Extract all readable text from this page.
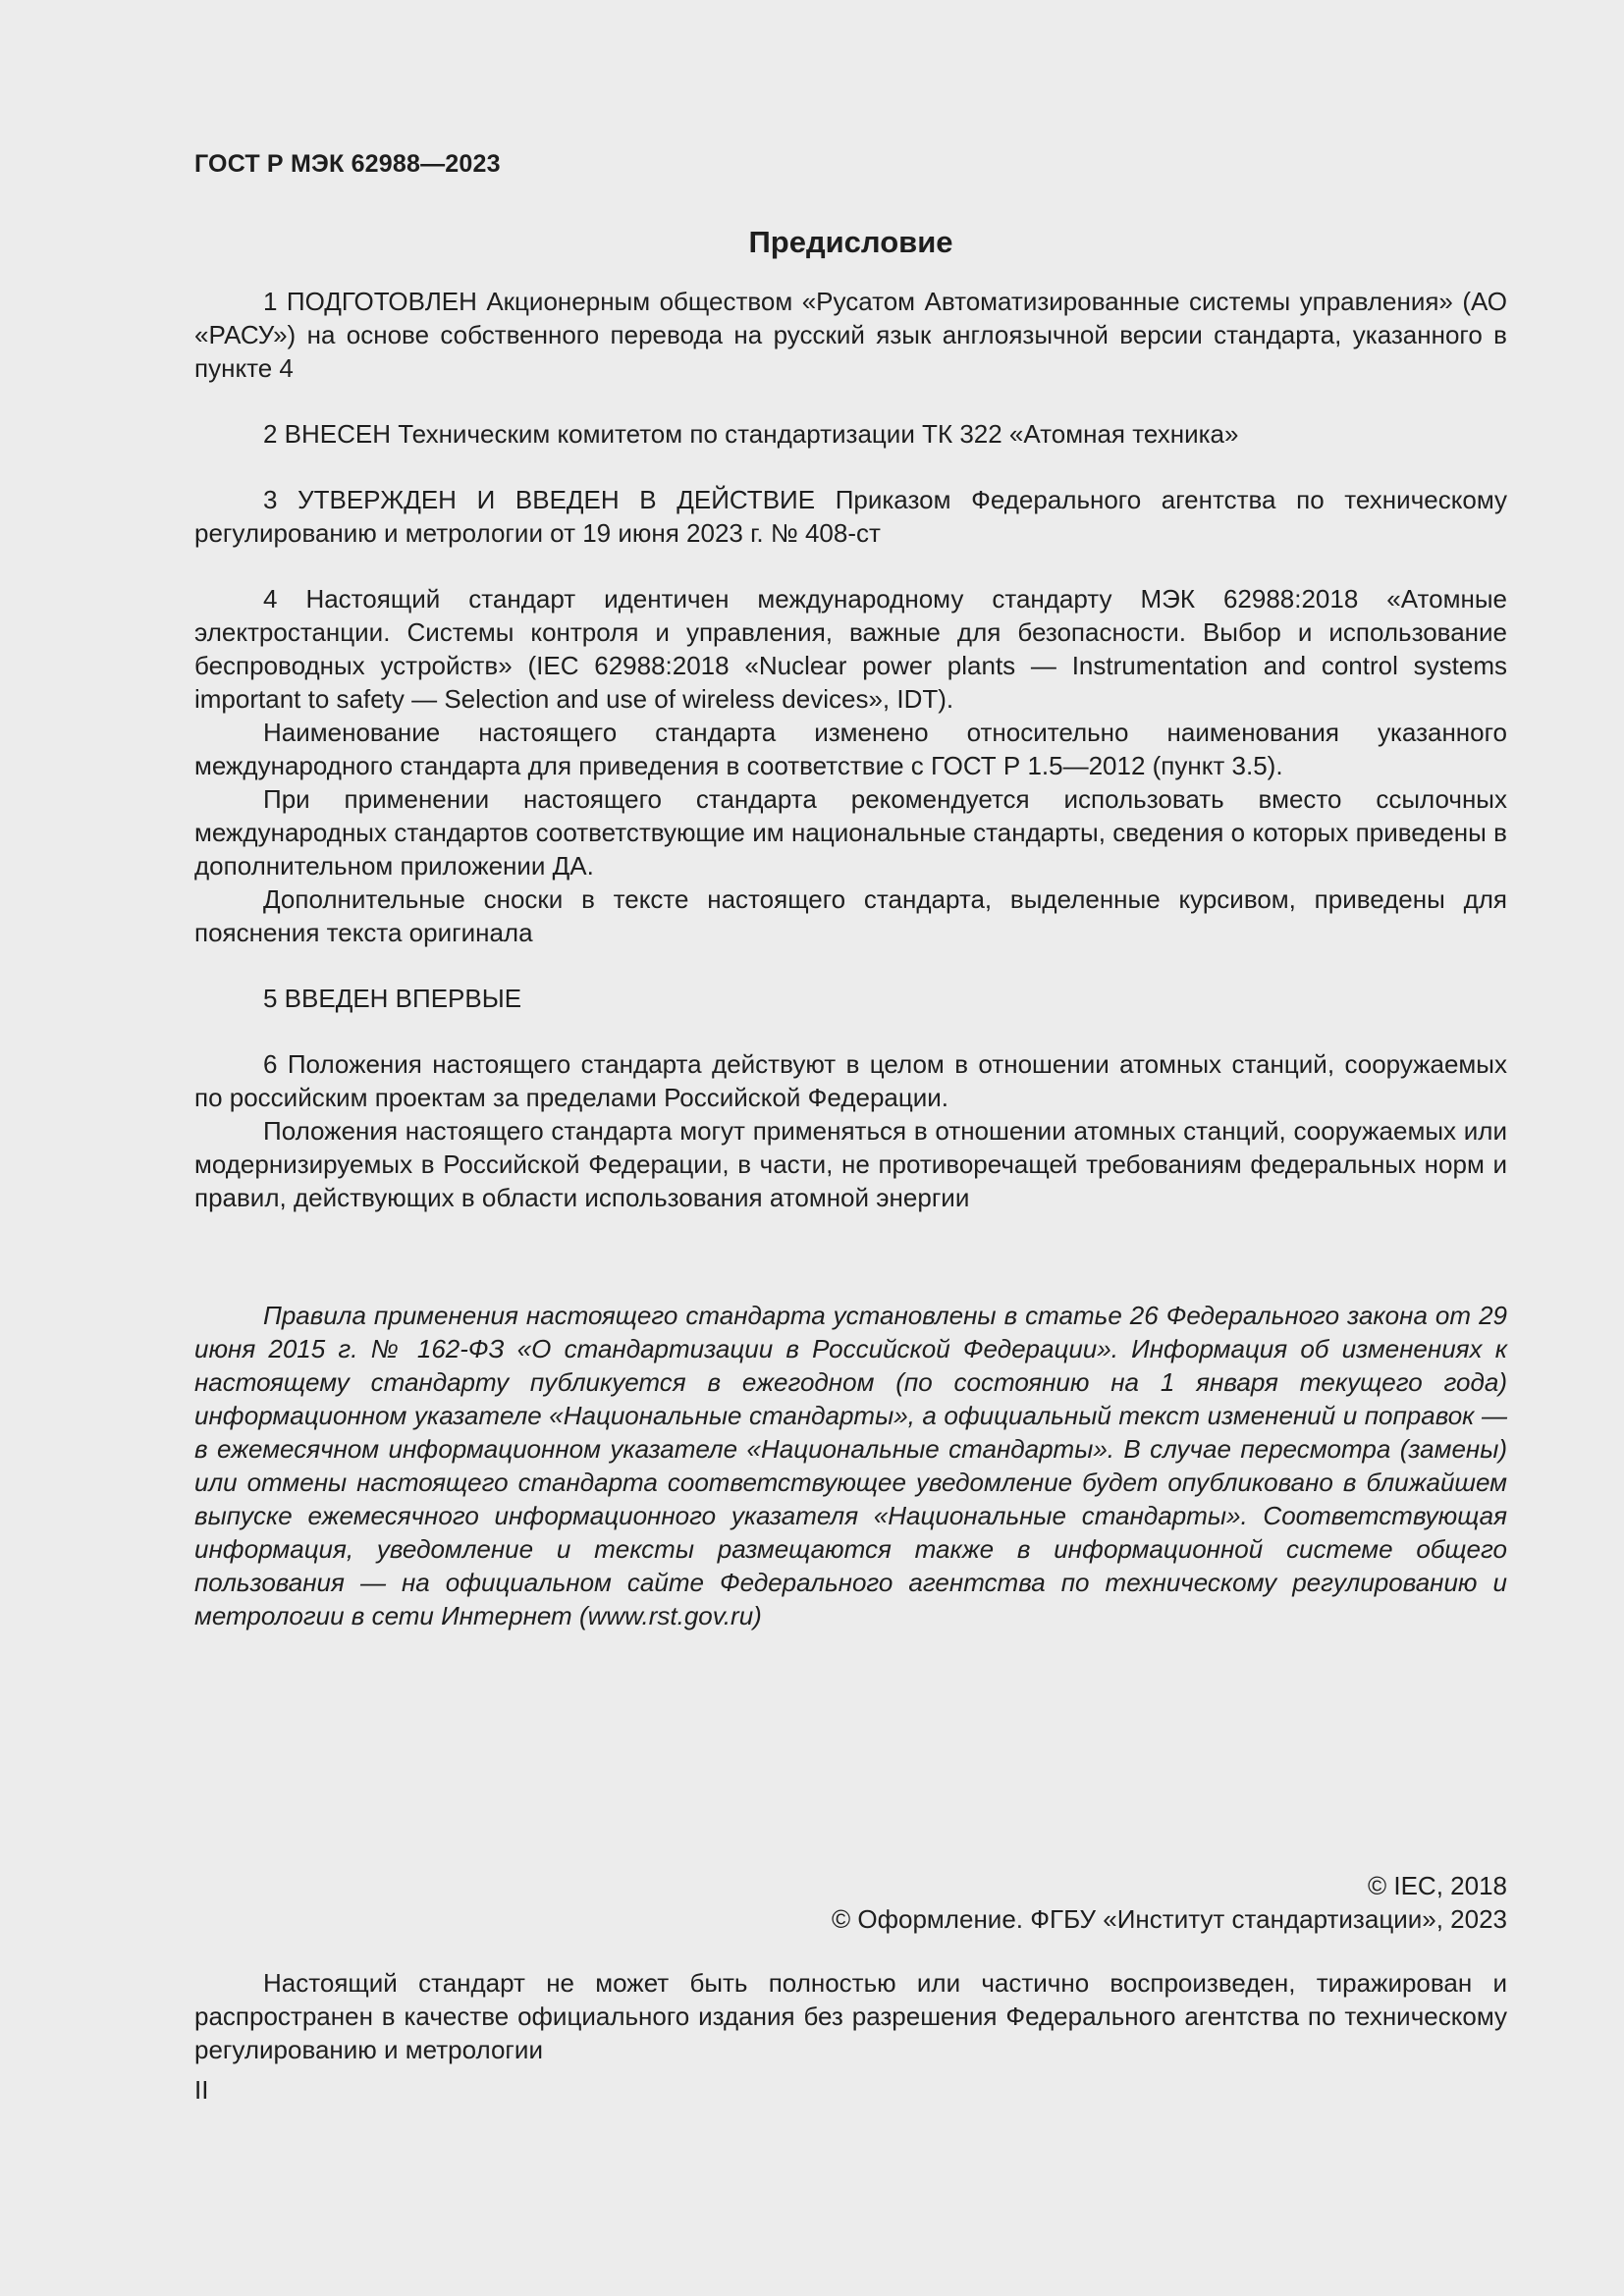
ГОСТ Р МЭК 62988—2023
Предисловие

1 ПОДГОТОВЛЕН Акционерным обществом «Русатом Автоматизированные системы управления» (АО «РАСУ») на основе собственного перевода на русский язык англоязычной версии стандарта, указанного в пункте 4

2 ВНЕСЕН Техническим комитетом по стандартизации ТК 322 «Атомная техника»

3 УТВЕРЖДЕН И ВВЕДЕН В ДЕЙСТВИЕ Приказом Федерального агентства по техническому регулированию и метрологии от 19 июня 2023 г. № 408-ст

4 Настоящий стандарт идентичен международному стандарту МЭК 62988:2018 «Атомные электростанции. Системы контроля и управления, важные для безопасности. Выбор и использование беспроводных устройств» (IEC 62988:2018 «Nuclear power plants — Instrumentation and control systems important to safety — Selection and use of wireless devices», IDT).

Наименование настоящего стандарта изменено относительно наименования указанного международного стандарта для приведения в соответствие с ГОСТ Р 1.5—2012 (пункт 3.5).

При применении настоящего стандарта рекомендуется использовать вместо ссылочных международных стандартов соответствующие им национальные стандарты, сведения о которых приведены в дополнительном приложении ДА.

Дополнительные сноски в тексте настоящего стандарта, выделенные курсивом, приведены для пояснения текста оригинала

5 ВВЕДЕН ВПЕРВЫЕ

6 Положения настоящего стандарта действуют в целом в отношении атомных станций, сооружаемых по российским проектам за пределами Российской Федерации.

Положения настоящего стандарта могут применяться в отношении атомных станций, сооружаемых или модернизируемых в Российской Федерации, в части, не противоречащей требованиям федеральных норм и правил, действующих в области использования атомной энергии

Правила применения настоящего стандарта установлены в статье 26 Федерального закона от 29 июня 2015 г. № 162-ФЗ «О стандартизации в Российской Федерации». Информация об изменениях к настоящему стандарту публикуется в ежегодном (по состоянию на 1 января текущего года) информационном указателе «Национальные стандарты», а официальный текст изменений и поправок — в ежемесячном информационном указателе «Национальные стандарты». В случае пересмотра (замены) или отмены настоящего стандарта соответствующее уведомление будет опубликовано в ближайшем выпуске ежемесячного информационного указателя «Национальные стандарты». Соответствующая информация, уведомление и тексты размещаются также в информационной системе общего пользования — на официальном сайте Федерального агентства по техническому регулированию и метрологии в сети Интернет (www.rst.gov.ru)

© IEC, 2018
© Оформление. ФГБУ «Институт стандартизации», 2023

Настоящий стандарт не может быть полностью или частично воспроизведен, тиражирован и распространен в качестве официального издания без разрешения Федерального агентства по техническому регулированию и метрологии

II
